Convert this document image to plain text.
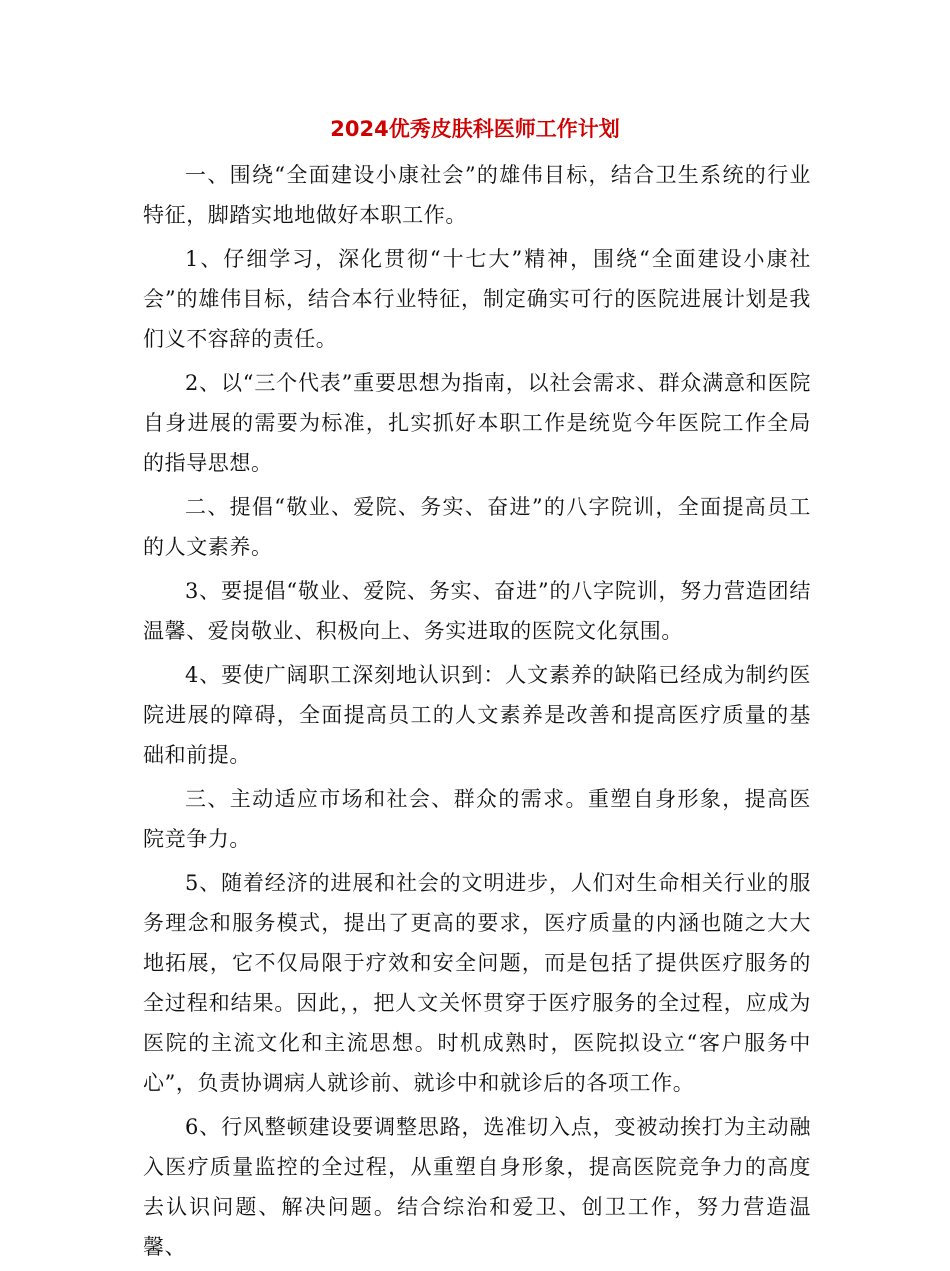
2024优秀皮肤科医师工作计划

一、围绕“全面建设小康社会”的雄伟目标，结合卫生系统的行业特征，脚踏实地地做好本职工作。

1、仔细学习，深化贯彻“十七大”精神，围绕“全面建设小康社会”的雄伟目标，结合本行业特征，制定确实可行的医院进展计划是我们义不容辞的责任。

2、以“三个代表”重要思想为指南，以社会需求、群众满意和医院自身进展的需要为标准，扎实抓好本职工作是统览今年医院工作全局的指导思想。

二、提倡“敬业、爱院、务实、奋进”的八字院训，全面提高员工的人文素养。

3、要提倡“敬业、爱院、务实、奋进”的八字院训，努力营造团结温馨、爱岗敬业、积极向上、务实进取的医院文化氛围。

4、要使广阔职工深刻地认识到：人文素养的缺陷已经成为制约医院进展的障碍，全面提高员工的人文素养是改善和提高医疗质量的基础和前提。

三、主动适应市场和社会、群众的需求。重塑自身形象，提高医院竞争力。

5、随着经济的进展和社会的文明进步，人们对生命相关行业的服务理念和服务模式，提出了更高的要求，医疗质量的内涵也随之大大地拓展，它不仅局限于疗效和安全问题，而是包括了提供医疗服务的全过程和结果。因此，，把人文关怀贯穿于医疗服务的全过程，应成为医院的主流文化和主流思想。时机成熟时，医院拟设立“客户服务中心”，负责协调病人就诊前、就诊中和就诊后的各项工作。

6、行风整顿建设要调整思路，选准切入点，变被动挨打为主动融入医疗质量监控的全过程，从重塑自身形象，提高医院竞争力的高度去认识问题、解决问题。结合综治和爱卫、创卫工作，努力营造温馨、
